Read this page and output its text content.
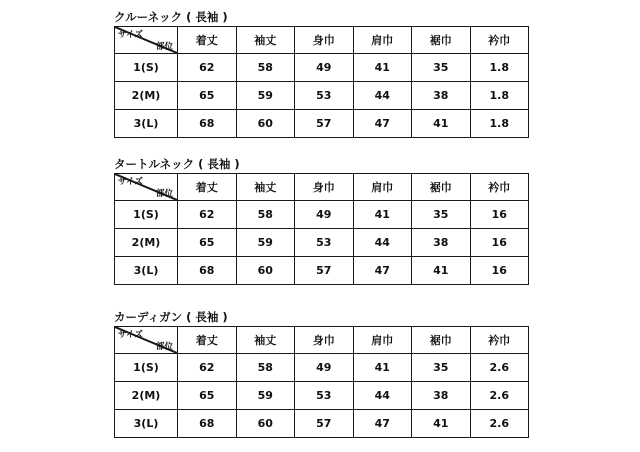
クルーネック ( 長袖 )
サイズ
部位	着丈	袖丈	身巾	肩巾	裾巾	衿巾
1(S)	62	58	49	41	35	1.8
2(M)	65	59	53	44	38	1.8
3(L)	68	60	57	47	41	1.8
タートルネック ( 長袖 )
サイズ
部位	着丈	袖丈	身巾	肩巾	裾巾	衿巾
1(S)	62	58	49	41	35	16
2(M)	65	59	53	44	38	16
3(L)	68	60	57	47	41	16
カーディガン ( 長袖 )
サイズ
部位	着丈	袖丈	身巾	肩巾	裾巾	衿巾
1(S)	62	58	49	41	35	2.6
2(M)	65	59	53	44	38	2.6
3(L)	68	60	57	47	41	2.6
